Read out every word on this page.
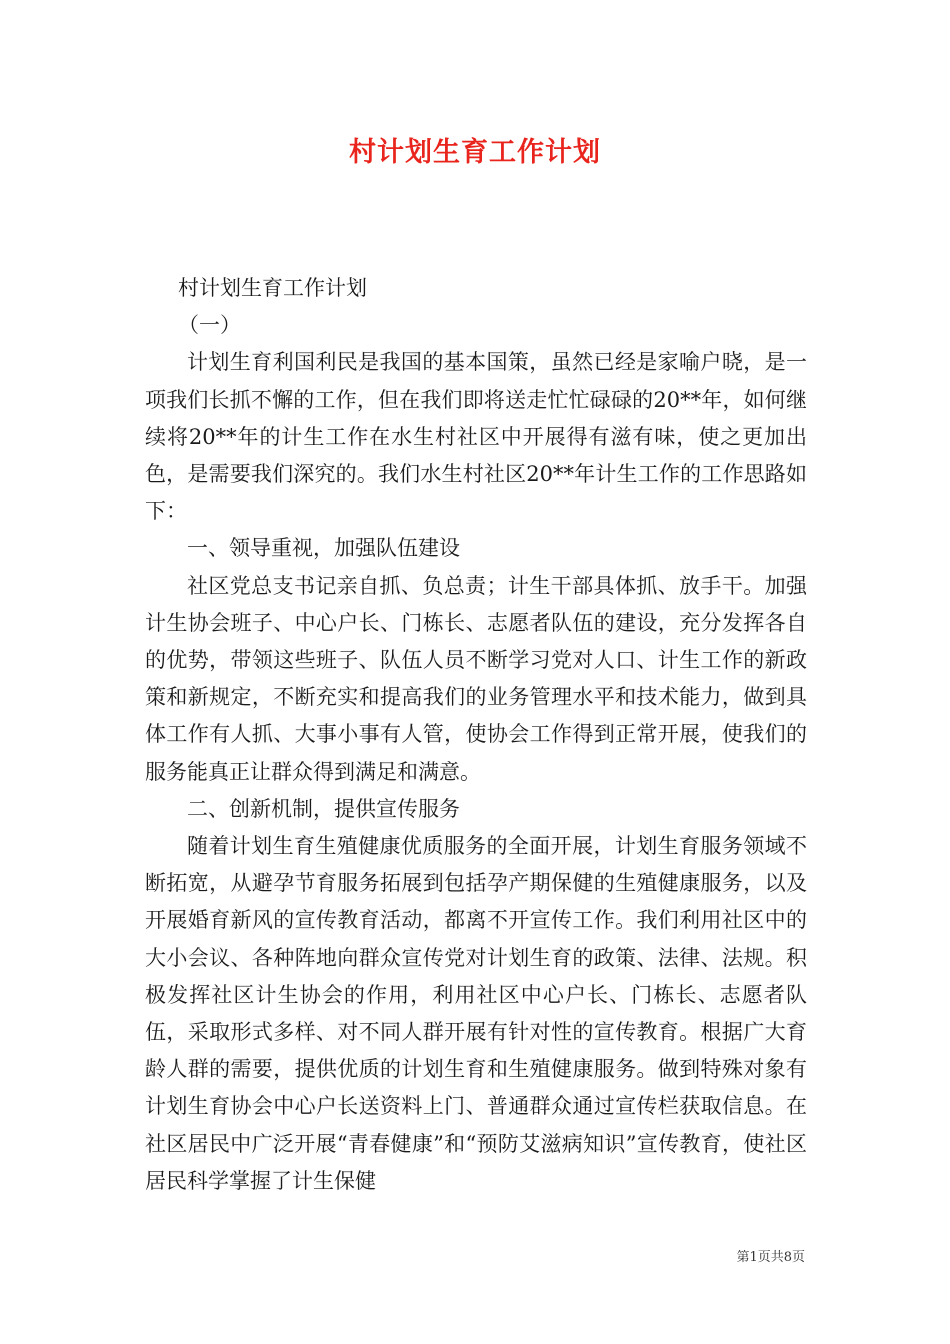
村计划生育工作计划

村计划生育工作计划

（一）

计划生育利国利民是我国的基本国策，虽然已经是家喻户晓，是一项我们长抓不懈的工作，但在我们即将送走忙忙碌碌的20**年，如何继续将20**年的计生工作在水生村社区中开展得有滋有味，使之更加出色，是需要我们深究的。我们水生村社区20**年计生工作的工作思路如下：

一、领导重视，加强队伍建设

社区党总支书记亲自抓、负总责；计生干部具体抓、放手干。加强计生协会班子、中心户长、门栋长、志愿者队伍的建设，充分发挥各自的优势，带领这些班子、队伍人员不断学习党对人口、计生工作的新政策和新规定，不断充实和提高我们的业务管理水平和技术能力，做到具体工作有人抓、大事小事有人管，使协会工作得到正常开展，使我们的服务能真正让群众得到满足和满意。

二、创新机制，提供宣传服务

随着计划生育生殖健康优质服务的全面开展，计划生育服务领域不断拓宽，从避孕节育服务拓展到包括孕产期保健的生殖健康服务，以及开展婚育新风的宣传教育活动，都离不开宣传工作。我们利用社区中的大小会议、各种阵地向群众宣传党对计划生育的政策、法律、法规。积极发挥社区计生协会的作用，利用社区中心户长、门栋长、志愿者队伍，采取形式多样、对不同人群开展有针对性的宣传教育。根据广大育龄人群的需要，提供优质的计划生育和生殖健康服务。做到特殊对象有计划生育协会中心户长送资料上门、普通群众通过宣传栏获取信息。在社区居民中广泛开展“青春健康”和“预防艾滋病知识”宣传教育，使社区居民科学掌握了计生保健

第1页共8页
